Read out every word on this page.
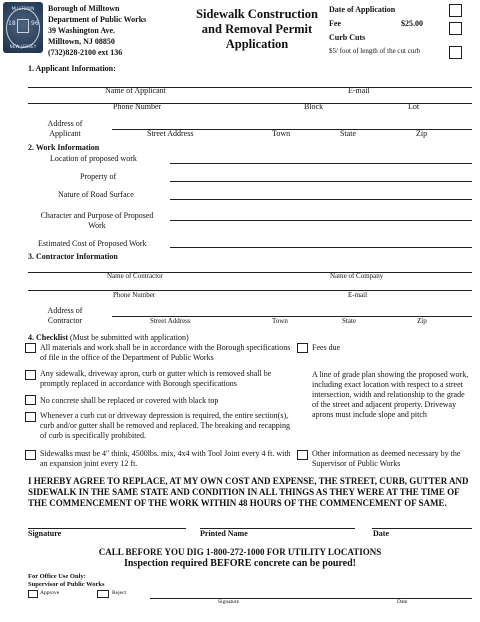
MILLTOWN
18	96
NEW JERSEY
Borough of Milltown
Department of Public Works
39 Washington Ave.
Milltown, NJ 08850
(732)828-2100 ext 136
Sidewalk Construction and Removal Permit Application
Date of Application
Fee	$25.00
Curb Cuts
$5/ foot of length of the cut curb
1. Applicant Information:
Name of Applicant	E-mail
Phone Number	Block	Lot
Address of Applicant	Street Address	Town	State	Zip
2. Work Information
Location of proposed work
Property of
Nature of Road Surface
Character and Purpose of Proposed Work
Estimated Cost of Proposed Work
3. Contractor Information
Name of Contractor	Name of Company
Phone Number	E-mail
Address of Contractor	Street Address	Town	State	Zip
4. Checklist (Must be submitted with application)
All materials and work shall be in accordance with the Borough specifications of file in the office of the Department of Public Works
Any sidewalk, driveway apron, curb or gutter which is removed shall be promptly replaced in accordance with Borough specifications
No concrete shall be replaced or covered with black top
Whenever a curb cut or driveway depression is required, the entire section(s), curb and/or gutter shall be removed and replaced. The breaking and recapping of curb is specifically prohibited.
Sidewalks must be 4" think, 4500lbs. mix, 4x4 with Tool Joint every 4 ft. with an expansion joint every 12 ft.
Fees due
A line of grade plan showing the proposed work, including exact location with respect to a street intersection, width and relationship to the grade of the street and adjacent property. Driveway aprons must include slope and pitch
Other information as deemed necessary by the Supervisor of Public Works
I HEREBY AGREE TO REPLACE, AT MY OWN COST AND EXPENSE, THE STREET, CURB, GUTTER AND SIDEWALK IN THE SAME STATE AND CONDITION IN ALL THINGS AS THEY WERE AT THE TIME OF THE COMMENCEMENT OF THE WORK WITHIN 48 HOURS OF THE COMMENCEMENT OF SAME.
Signature	Printed Name	Date
CALL BEFORE YOU DIG 1-800-272-1000 FOR UTILITY LOCATIONS
Inspection required BEFORE concrete can be poured!
For Office Use Only:
Supervisor of Public Works
Approve	Reject
Signature	Date
